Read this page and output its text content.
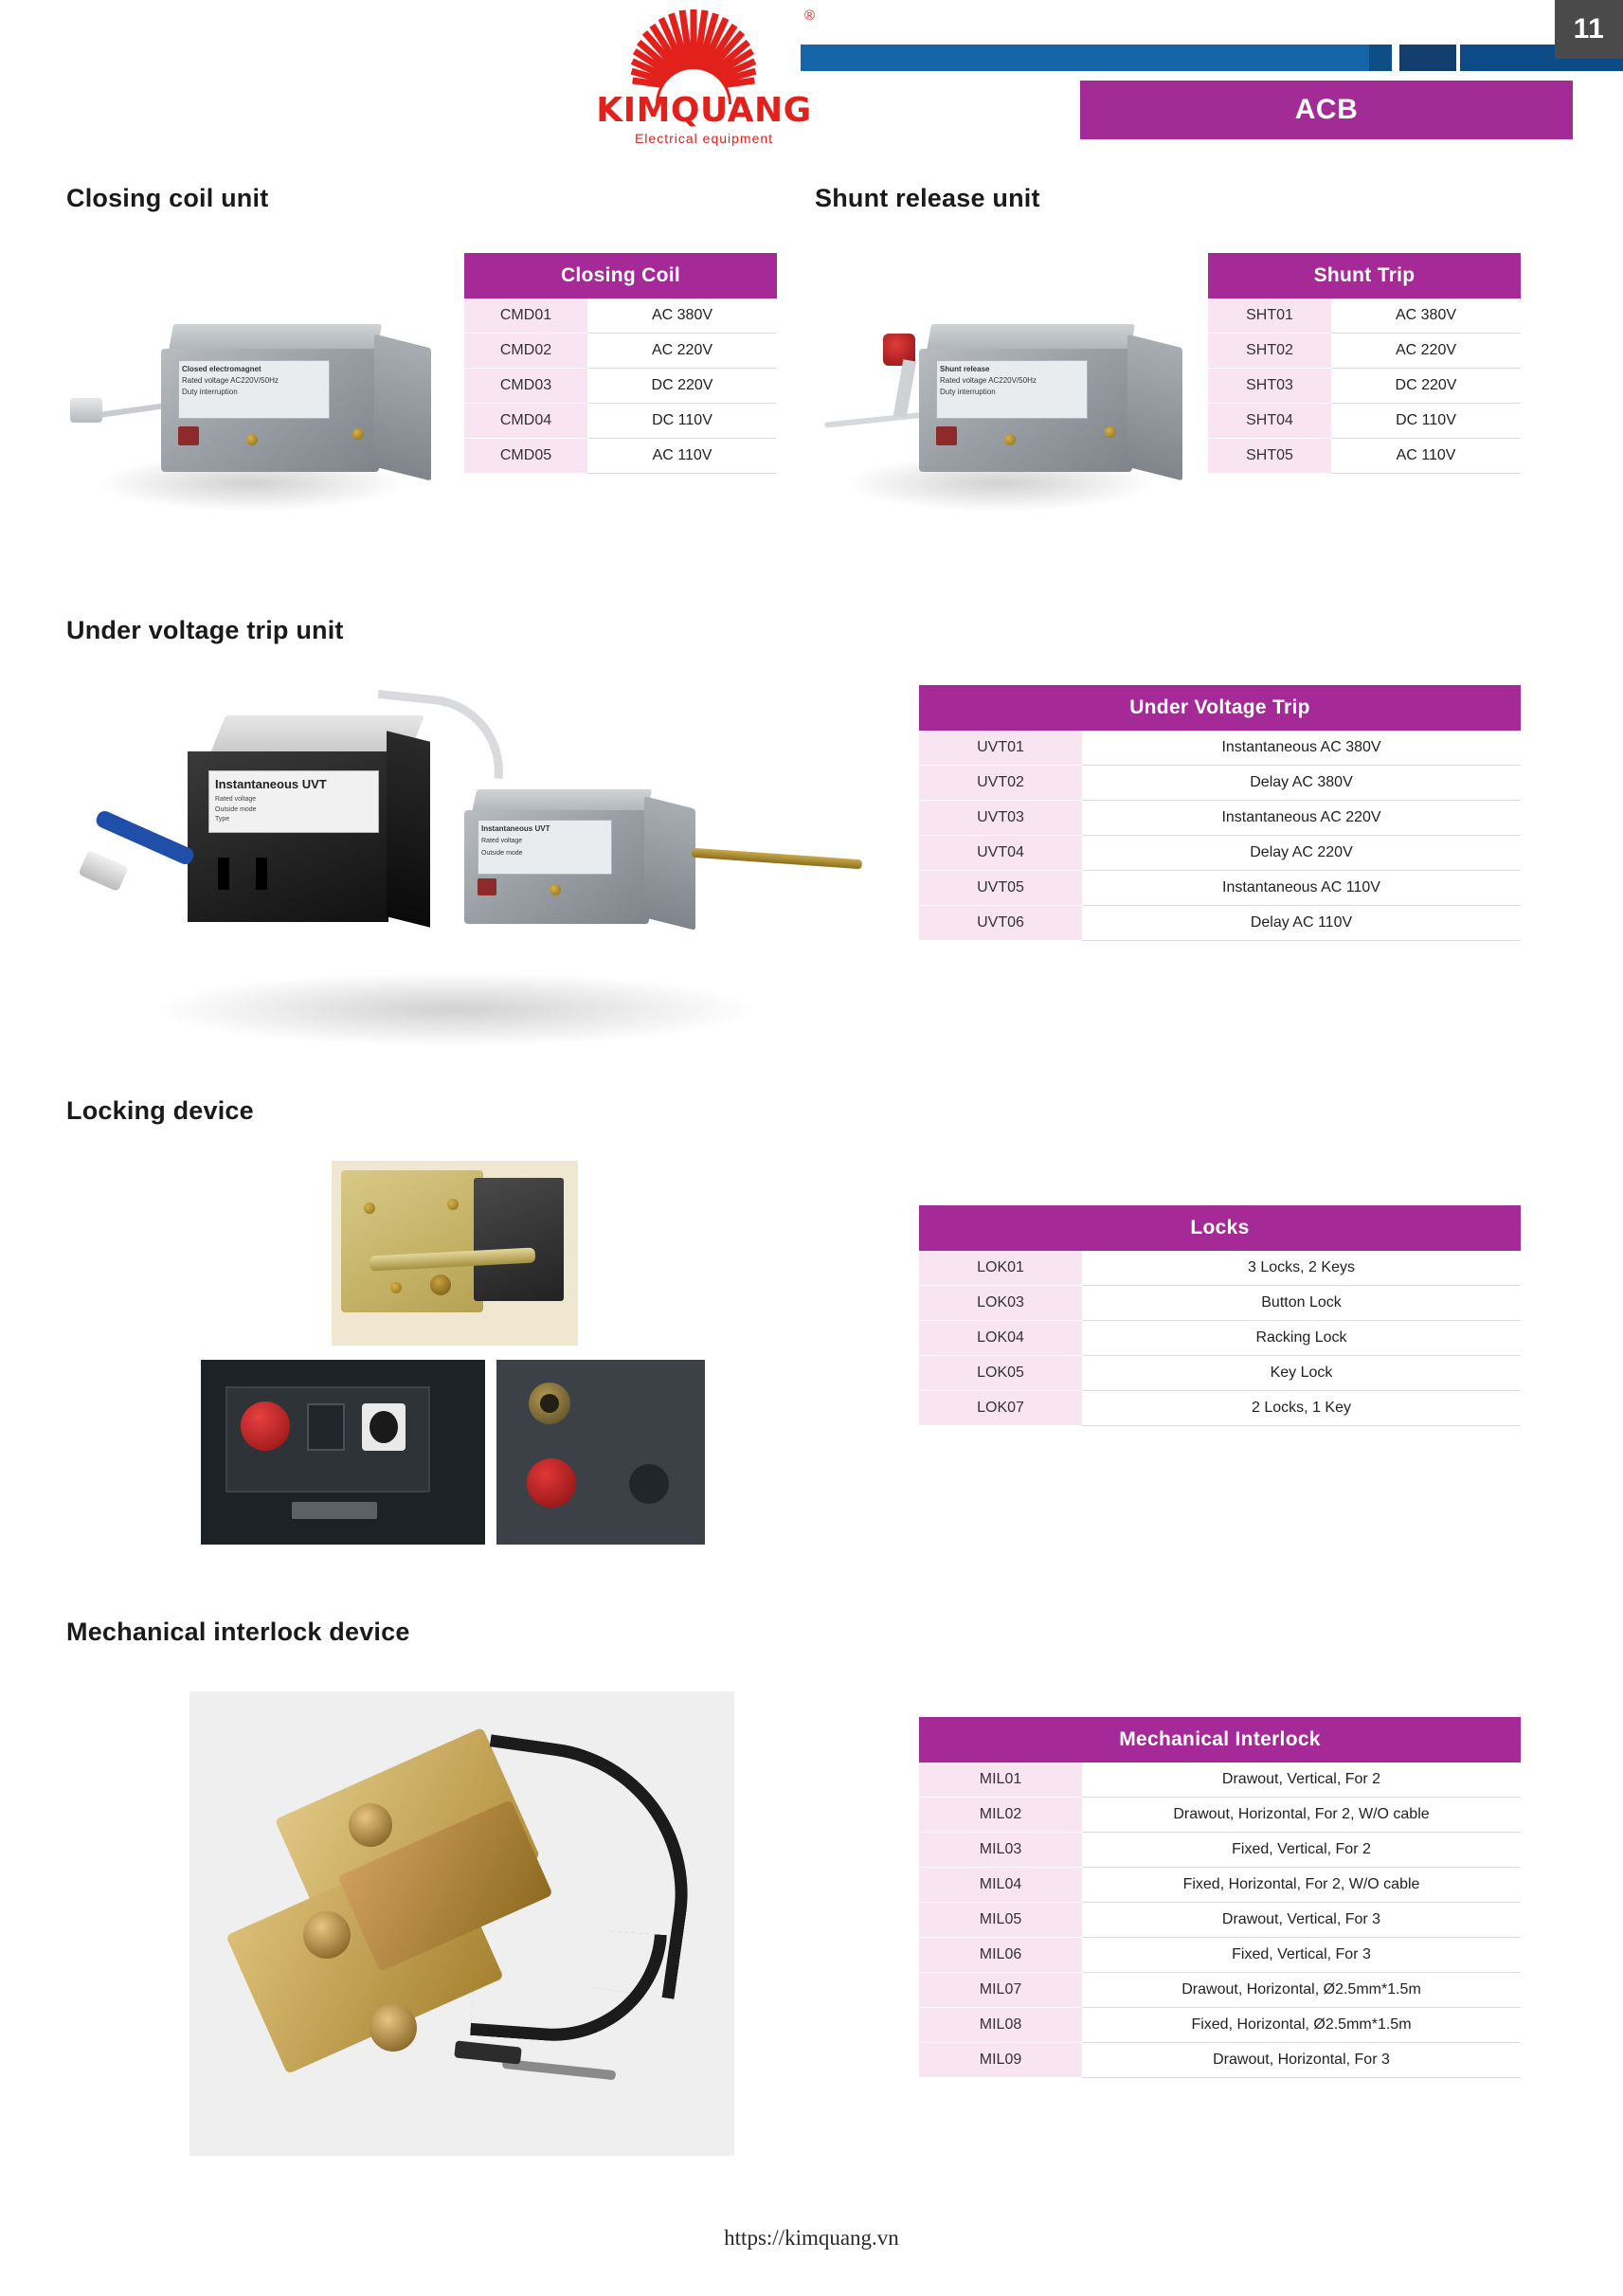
11
®
KIMQUANG
Electrical equipment
ACB
Closing coil unit
Closed electromagnet
Rated voltage AC220V/50Hz
Duty interruption
Closing Coil	
CMD01	AC 380V
CMD02	AC 220V
CMD03	DC 220V
CMD04	DC 110V
CMD05	AC 110V
Shunt release unit
Shunt release
Rated voltage AC220V/50Hz
Duty interruption
Shunt Trip	
SHT01	AC 380V
SHT02	AC 220V
SHT03	DC 220V
SHT04	DC 110V
SHT05	AC 110V
Under voltage trip unit
Instantaneous UVT
Rated voltage
Outside mode
Type
Instantaneous UVT
Rated voltage
Outside mode
Under Voltage Trip	
UVT01	Instantaneous AC 380V
UVT02	Delay AC 380V
UVT03	Instantaneous AC 220V
UVT04	Delay AC 220V
UVT05	Instantaneous AC 110V
UVT06	Delay AC 110V
Locking device
Locks	
LOK01	3 Locks, 2 Keys
LOK03	Button Lock
LOK04	Racking Lock
LOK05	Key Lock
LOK07	2 Locks, 1 Key
Mechanical interlock device
Mechanical Interlock	
MIL01	Drawout, Vertical, For 2
MIL02	Drawout, Horizontal, For 2, W/O cable
MIL03	Fixed, Vertical, For 2
MIL04	Fixed, Horizontal, For 2, W/O cable
MIL05	Drawout, Vertical, For 3
MIL06	Fixed, Vertical, For 3
MIL07	Drawout, Horizontal, Ø2.5mm*1.5m
MIL08	Fixed, Horizontal, Ø2.5mm*1.5m
MIL09	Drawout, Horizontal, For 3
https://kimquang.vn
